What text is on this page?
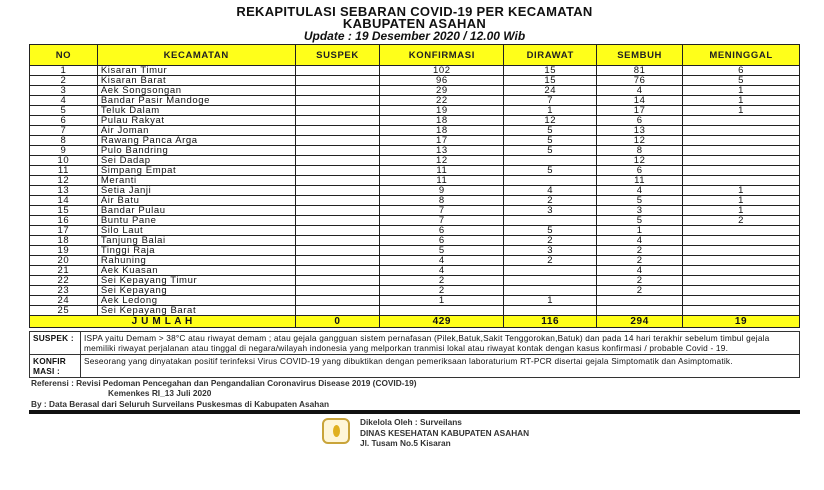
REKAPITULASI SEBARAN COVID-19 PER KECAMATAN
KABUPATEN ASAHAN
Update : 19 Desember 2020 / 12.00 Wib
NO	KECAMATAN	SUSPEK	KONFIRMASI	DIRAWAT	SEMBUH	MENINGGAL
1	Kisaran Timur		102	15	81	6
2	Kisaran Barat		96	15	76	5
3	Aek Songsongan		29	24	4	1
4	Bandar Pasir Mandoge		22	7	14	1
5	Teluk Dalam		19	1	17	1
6	Pulau Rakyat		18	12	6	
7	Air Joman		18	5	13	
8	Rawang Panca Arga		17	5	12	
9	Pulo Bandring		13	5	8	
10	Sei Dadap		12		12	
11	Simpang Empat		11	5	6	
12	Meranti		11		11	
13	Setia Janji		9	4	4	1
14	Air Batu		8	2	5	1
15	Bandar Pulau		7	3	3	1
16	Buntu Pane		7		5	2
17	Silo Laut		6	5	1	
18	Tanjung Balai		6	2	4	
19	Tinggi Raja		5	3	2	
20	Rahuning		4	2	2	
21	Aek Kuasan		4		4	
22	Sei Kepayang Timur		2		2	
23	Sei Kepayang		2		2	
24	Aek Ledong		1	1		
25	Sei Kepayang Barat					
J U M L A H		0	429	116	294	19
SUSPEK :	ISPA yaitu Demam > 38°C atau riwayat demam ; atau gejala gangguan sistem pernafasan (Pilek,Batuk,Sakit Tenggorokan,Batuk) dan pada 14 hari terakhir sebelum timbul gejala memiliki riwayat perjalanan atau tinggal di negara/wilayah indonesia yang melporkan tranmisi lokal atau riwayat kontak dengan kasus konfirmasi / probable Covid - 19.
KONFIR MASI :	Seseorang yang dinyatakan positif terinfeksi Virus COVID-19 yang dibuktikan dengan pemeriksaan laboraturium RT-PCR disertai gejala Simptomatik dan Asimptomatik.
Referensi : Revisi Pedoman Pencegahan dan Pengandalian Coronavirus Disease 2019 (COVID-19)
Kemenkes RI_13 Juli 2020
By : Data Berasal dari Seluruh Surveilans Puskesmas di Kabupaten Asahan
Dikelola Oleh : Surveilans
DINAS KESEHATAN KABUPATEN ASAHAN
Jl. Tusam No.5 Kisaran
